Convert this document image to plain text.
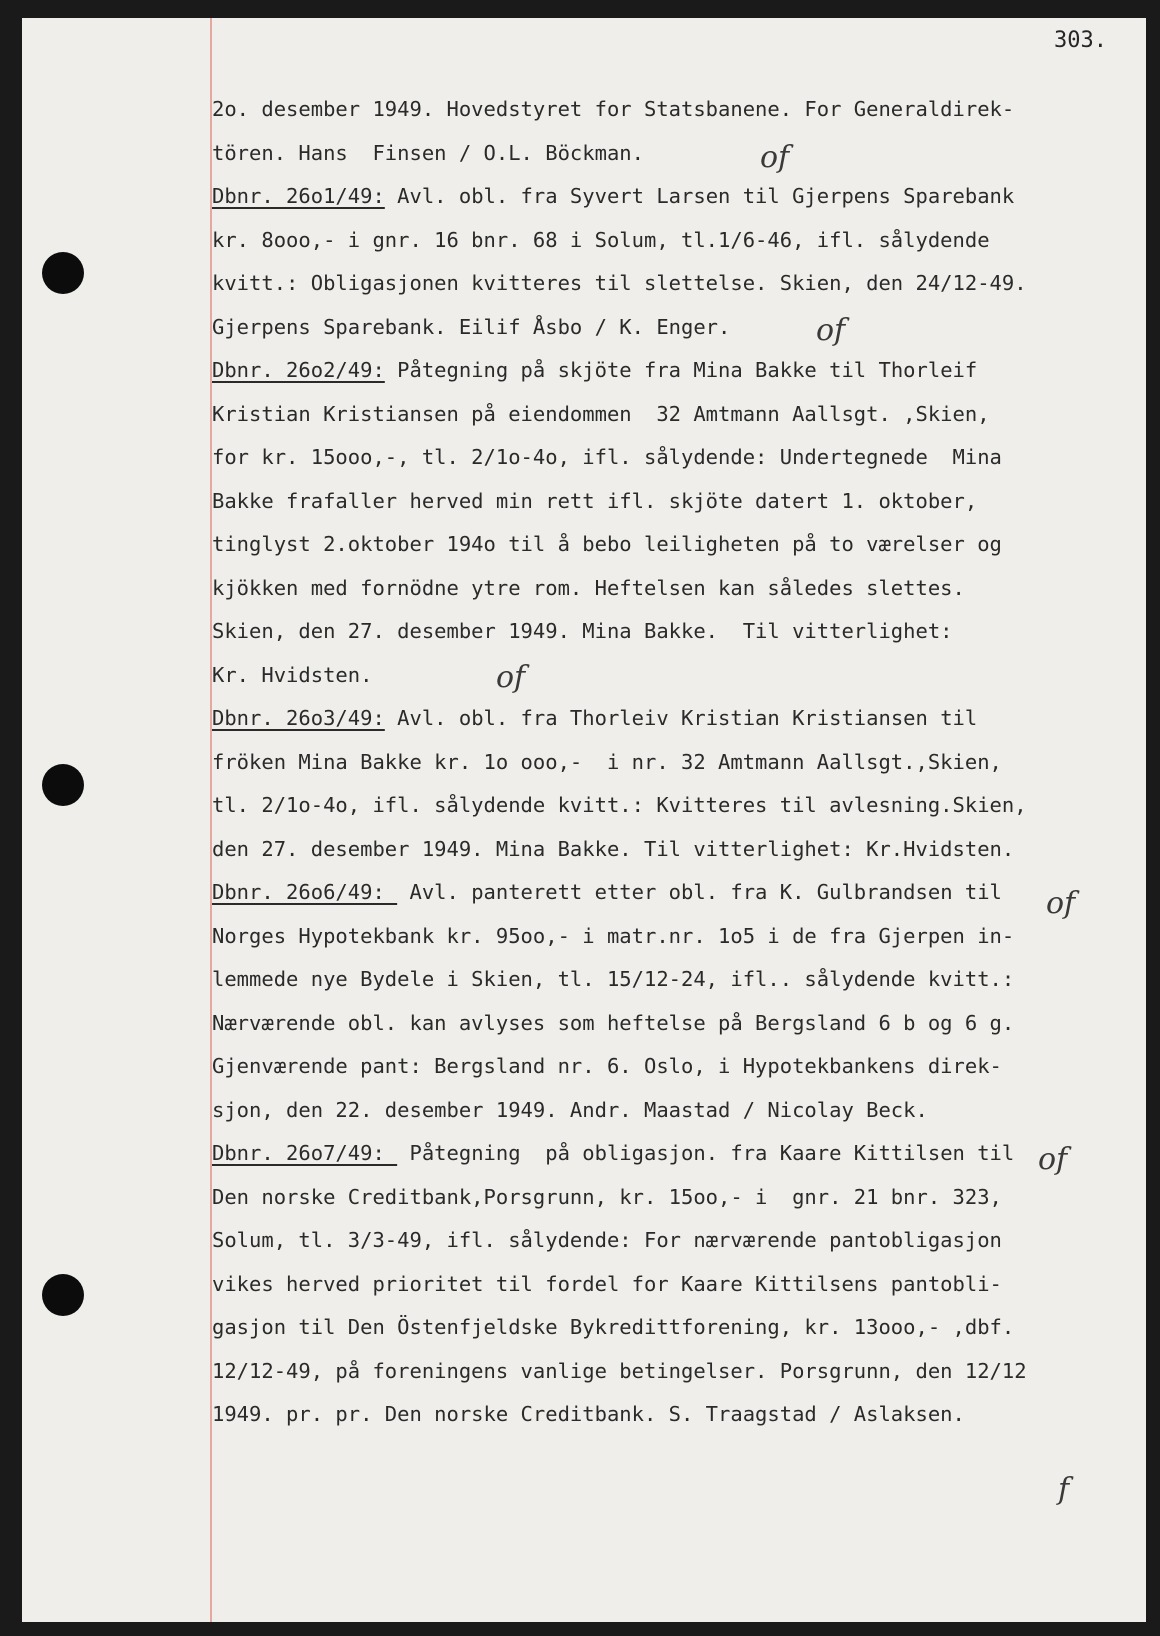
303.
2o. desember 1949. Hovedstyret for Statsbanene. For Generaldirek-
tören. Hans  Finsen / O.L. Böckman.
Dbnr. 26o1/49: Avl. obl. fra Syvert Larsen til Gjerpens Sparebank
kr. 8ooo,- i gnr. 16 bnr. 68 i Solum, tl.1/6-46, ifl. sålydende
kvitt.: Obligasjonen kvitteres til slettelse. Skien, den 24/12-49.
Gjerpens Sparebank. Eilif Åsbo / K. Enger.
Dbnr. 26o2/49: Påtegning på skjöte fra Mina Bakke til Thorleif
Kristian Kristiansen på eiendommen  32 Amtmann Aallsgt. ,Skien,
for kr. 15ooo,-, tl. 2/1o-4o, ifl. sålydende: Undertegnede  Mina
Bakke frafaller herved min rett ifl. skjöte datert 1. oktober,
tinglyst 2.oktober 194o til å bebo leiligheten på to værelser og
kjökken med fornödne ytre rom. Heftelsen kan således slettes.
Skien, den 27. desember 1949. Mina Bakke.  Til vitterlighet:
Kr. Hvidsten.
Dbnr. 26o3/49: Avl. obl. fra Thorleiv Kristian Kristiansen til
fröken Mina Bakke kr. 1o ooo,-  i nr. 32 Amtmann Aallsgt.,Skien,
tl. 2/1o-4o, ifl. sålydende kvitt.: Kvitteres til avlesning.Skien,
den 27. desember 1949. Mina Bakke. Til vitterlighet: Kr.Hvidsten.
Dbnr. 26o6/49:  Avl. panterett etter obl. fra K. Gulbrandsen til
Norges Hypotekbank kr. 95oo,- i matr.nr. 1o5 i de fra Gjerpen in-
lemmede nye Bydele i Skien, tl. 15/12-24, ifl.. sålydende kvitt.:
Nærværende obl. kan avlyses som heftelse på Bergsland 6 b og 6 g.
Gjenværende pant: Bergsland nr. 6. Oslo, i Hypotekbankens direk-
sjon, den 22. desember 1949. Andr. Maastad / Nicolay Beck.
Dbnr. 26o7/49:  Påtegning  på obligasjon. fra Kaare Kittilsen til
Den norske Creditbank,Porsgrunn, kr. 15oo,- i  gnr. 21 bnr. 323,
Solum, tl. 3/3-49, ifl. sålydende: For nærværende pantobligasjon
vikes herved prioritet til fordel for Kaare Kittilsens pantobli-
gasjon til Den Östenfjeldske Bykredittforening, kr. 13ooo,- ,dbf.
12/12-49, på foreningens vanlige betingelser. Porsgrunn, den 12/12
1949. pr. pr. Den norske Creditbank. S. Traagstad / Aslaksen.
of
of
of
of
of
f
